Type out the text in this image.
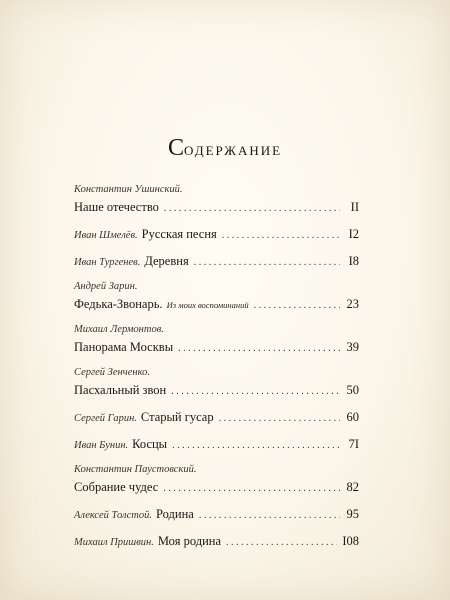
Содержание
Константин Ушинский.
Наше отечество . . .	II
Иван Шмелёв. Русская песня . . .	I2
Иван Тургенев. Деревня . . .	I8
Андрей Зарин.
Федька-Звонарь. Из моих воспоминаний . . .	23
Михаил Лермонтов.
Панорама Москвы . . .	39
Сергей Зенченко.
Пасхальный звон . . .	50
Сергей Гарин. Старый гусар . . .	60
Иван Бунин. Косцы . . .	7I
Константин Паустовский.
Собрание чудес . . .	82
Алексей Толстой. Родина . . .	95
Михаил Пришвин. Моя родина . . .	I08
